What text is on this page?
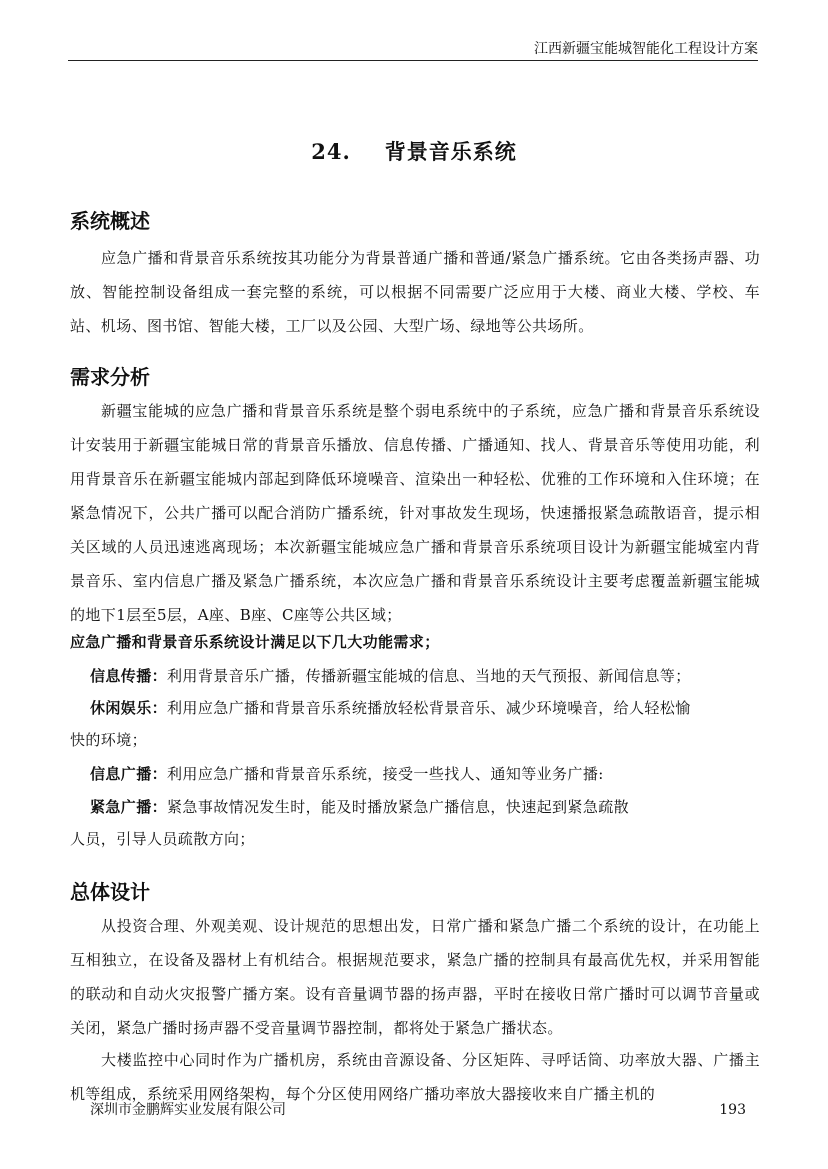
江西新疆宝能城智能化工程设计方案
24. 背景音乐系统
系统概述
应急广播和背景音乐系统按其功能分为背景普通广播和普通/紧急广播系统。它由各类扬声器、功放、智能控制设备组成一套完整的系统，可以根据不同需要广泛应用于大楼、商业大楼、学校、车站、机场、图书馆、智能大楼，工厂以及公园、大型广场、绿地等公共场所。
需求分析
新疆宝能城的应急广播和背景音乐系统是整个弱电系统中的子系统，应急广播和背景音乐系统设计安装用于新疆宝能城日常的背景音乐播放、信息传播、广播通知、找人、背景音乐等使用功能，利用背景音乐在新疆宝能城内部起到降低环境噪音、渲染出一种轻松、优雅的工作环境和入住环境；在紧急情况下，公共广播可以配合消防广播系统，针对事故发生现场，快速播报紧急疏散语音，提示相关区域的人员迅速逃离现场；本次新疆宝能城应急广播和背景音乐系统项目设计为新疆宝能城室内背景音乐、室内信息广播及紧急广播系统，本次应急广播和背景音乐系统设计主要考虑覆盖新疆宝能城的地下1层至5层，A座、B座、C座等公共区域；
应急广播和背景音乐系统设计满足以下几大功能需求；
信息传播：利用背景音乐广播，传播新疆宝能城的信息、当地的天气预报、新闻信息等；
休闲娱乐：利用应急广播和背景音乐系统播放轻松背景音乐、减少环境噪音，给人轻松愉
快的环境；
信息广播：利用应急广播和背景音乐系统，接受一些找人、通知等业务广播:
紧急广播：紧急事故情况发生时，能及时播放紧急广播信息，快速起到紧急疏散
人员，引导人员疏散方向；
总体设计
从投资合理、外观美观、设计规范的思想出发，日常广播和紧急广播二个系统的设计，在功能上互相独立，在设备及器材上有机结合。根据规范要求，紧急广播的控制具有最高优先权，并采用智能的联动和自动火灾报警广播方案。设有音量调节器的扬声器，平时在接收日常广播时可以调节音量或关闭，紧急广播时扬声器不受音量调节器控制，都将处于紧急广播状态。
大楼监控中心同时作为广播机房，系统由音源设备、分区矩阵、寻呼话筒、功率放大器、广播主机等组成，系统采用网络架构，每个分区使用网络广播功率放大器接收来自广播主机的
深圳市金鹏辉实业发展有限公司	193
